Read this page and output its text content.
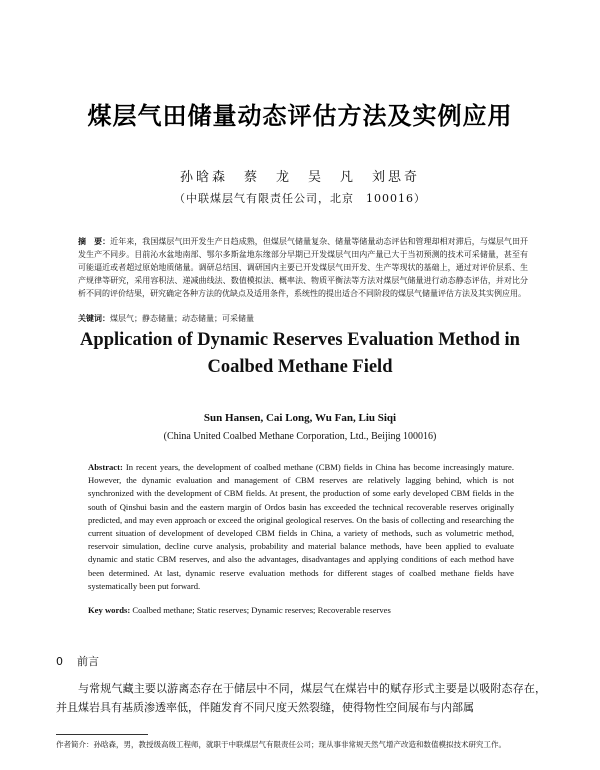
煤层气田储量动态评估方法及实例应用
孙晗森　蔡　龙　吴　凡　刘思奇
（中联煤层气有限责任公司，北京　100016）
摘　要：近年来，我国煤层气田开发生产日趋成熟，但煤层气储量复杂、储量等储量动态评估和管理却相对滞后，与煤层气田开发生产不同步。目前沁水盆地南部、鄂尔多斯盆地东缘部分早期已开发煤层气田内产量已大于当初预测的技术可采储量，甚至有可能逼近或者超过原始地质储量。调研总结国、调研国内主要已开发煤层气田开发、生产等现状的基础上，通过对评价层系、生产规律等研究，采用容积法、递减曲线法、数值模拟法、概率法、物质平衡法等方法对煤层气储量进行动态静态评估，并对比分析不同的评价结果，研究确定各种方法的优缺点及适用条件，系统性的提出适合不同阶段的煤层气储量评估方法及其实例应用。
关键词：煤层气；静态储量；动态储量；可采储量
Application of Dynamic Reserves Evaluation Method in
Coalbed Methane Field
Sun Hansen, Cai Long, Wu Fan, Liu Siqi
(China United Coalbed Methane Corporation, Ltd., Beijing 100016)
Abstract: In recent years, the development of coalbed methane (CBM) fields in China has become increasingly mature. However, the dynamic evaluation and management of CBM reserves are relatively lagging behind, which is not synchronized with the development of CBM fields. At present, the production of some early developed CBM fields in the south of Qinshui basin and the eastern margin of Ordos basin has exceeded the technical recoverable reserves originally predicted, and may even approach or exceed the original geological reserves. On the basis of collecting and researching the current situation of development of developed CBM fields in China, a variety of methods, such as volumetric method, reservoir simulation, decline curve analysis, probability and material balance methods, have been applied to evaluate dynamic and static CBM reserves, and also the advantages, disadvantages and applying conditions of each method have been determined. At last, dynamic reserve evaluation methods for different stages of coalbed methane fields have systematically been put forward.
Key words: Coalbed methane; Static reserves; Dynamic reserves; Recoverable reserves
0 前言
与常规气藏主要以游离态存在于储层中不同，煤层气在煤岩中的赋存形式主要是以吸附态存在，并且煤岩具有基质渗透率低，伴随发育不同尺度天然裂缝，使得物性空间展布与内部属
作者简介：孙晗森，男，教授级高级工程师，就职于中联煤层气有限责任公司；现从事非常规天然气增产改造和数值模拟技术研究工作。
